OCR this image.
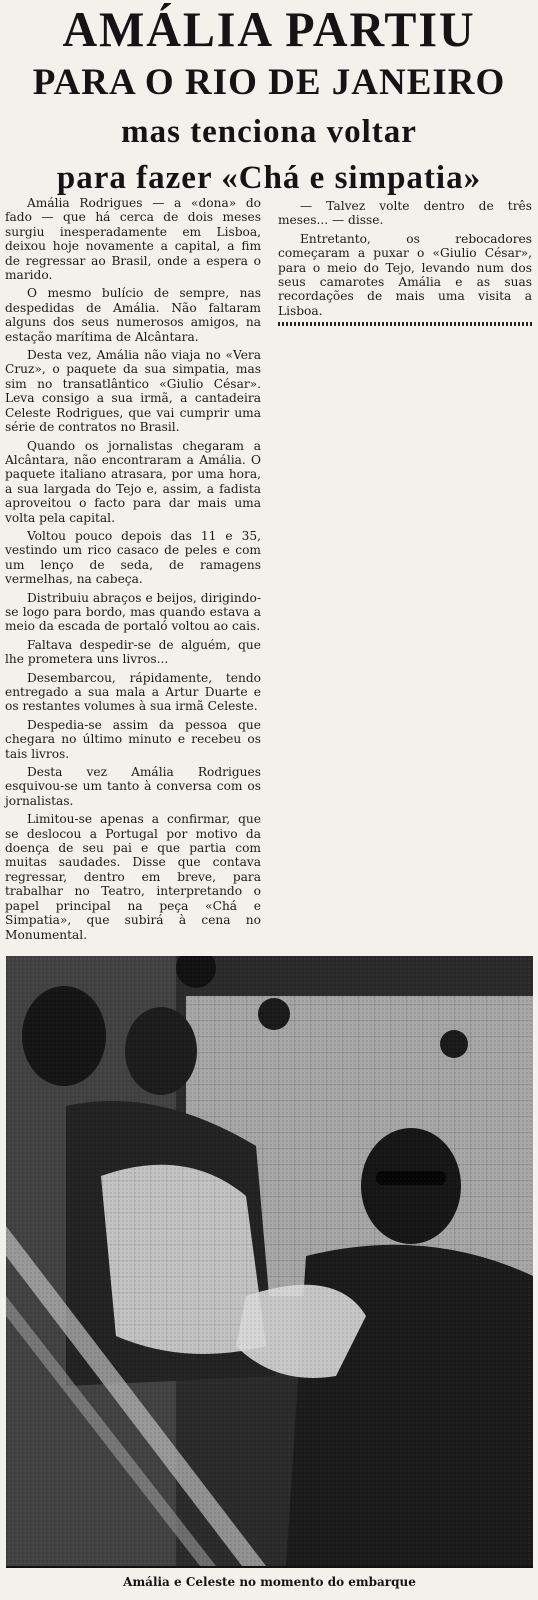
AMÁLIA PARTIU
PARA O RIO DE JANEIRO
mas tenciona voltar
para fazer «Chá e simpatia»

Amália Rodrigues — a «dona» do fado — que há cerca de dois meses surgiu inesperadamente em Lisboa, deixou hoje novamente a capital, a fim de regressar ao Brasil, onde a espera o marido.

O mesmo bulício de sempre, nas despedidas de Amália. Não faltaram alguns dos seus numerosos amigos, na estação marítima de Alcântara.

Desta vez, Amália não viaja no «Vera Cruz», o paquete da sua simpatia, mas sim no transatlântico «Giulio César». Leva consigo a sua irmã, a cantadeira Celeste Rodrigues, que vai cumprir uma série de contratos no Brasil.

Quando os jornalistas chegaram a Alcântara, não encontraram a Amália. O paquete italiano atrasara, por uma hora, a sua largada do Tejo e, assim, a fadista aproveitou o facto para dar mais uma volta pela capital.

Voltou pouco depois das 11 e 35, vestindo um rico casaco de peles e com um lenço de seda, de ramagens vermelhas, na cabeça.

Distribuiu abraços e beijos, dirigindo-se logo para bordo, mas quando estava a meio da escada de portaló voltou ao cais.

Faltava despedir-se de alguém, que lhe prometera uns livros...

Desembarcou, rápidamente, tendo entregado a sua mala a Artur Duarte e os restantes volumes à sua irmã Celeste.

Despedia-se assim da pessoa que chegara no último minuto e recebeu os tais livros.

Desta vez Amália Rodrigues esquivou-se um tanto à conversa com os jornalistas.

Limitou-se apenas a confirmar, que se deslocou a Portugal por motivo da doença de seu pai e que partia com muitas saudades. Disse que contava regressar, dentro em breve, para trabalhar no Teatro, interpretando o papel principal na peça «Chá e Simpatia», que subirá à cena no Monumental.

— Talvez volte dentro de três meses... — disse.

Entretanto, os rebocadores começaram a puxar o «Giulio César», para o meio do Tejo, levando num dos seus camarotes Amália e as suas recordações de mais uma visita a Lisboa.

Amália e Celeste no momento do embarque
